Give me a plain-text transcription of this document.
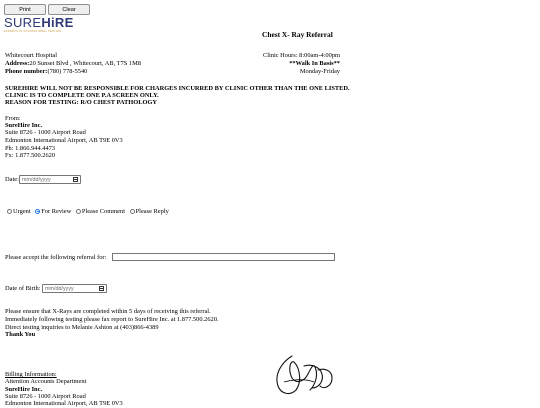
Print	Clear
SUREHiRE
EXPERTS IN OCCUPATIONAL TESTING	Chest X- Ray Referral
Whitecourt Hospital
Address:20 Sunset Blvd , Whitecourt, AB, T7S 1M8
Phone number:(780) 778-5540
Clinic Hours: 8:00am-4:00pm
**Walk In Basis**
Monday-Friday
SUREHIRE WILL NOT BE RESPONSIBLE FOR CHARGES INCURRED BY CLINIC OTHER THAN THE ONE LISTED.
CLINIC IS TO COMPLETE ONE P.A SCREEN ONLY.
REASON FOR TESTING: R/O CHEST PATHOLOGY
From:
SureHire Inc.
Suite 8726 - 1000 Airport Road
Edmonton International Airport, AB T9E 0V3
Ph: 1.866.944.4473
Fx: 1.877.500.2620
Date: mm/dd/yyyy
Urgent For Review Please Comment Please Reply
Please accept the following referral for:
Date of Birth: mm/dd/yyyy
Please ensure that X-Rays are completed within 5 days of receiving this referral.
Immediately following testing please fax report to SureHire Inc. at 1.877.500.2620.
Direct testing inquiries to Melanie Ashton at (403)866-4389
Thank You
Billing Information:
Attention Accounts Department
SureHire Inc.
Suite 8726 - 1000 Airport Road
Edmonton International Airport, AB T9E 0V3
